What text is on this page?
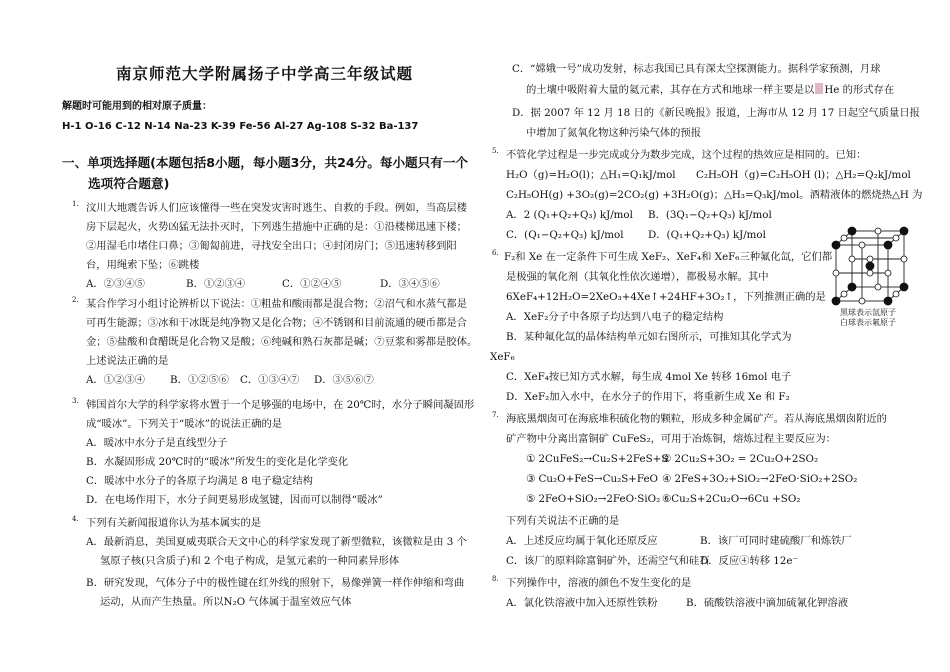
南京师范大学附属扬子中学高三年级试题
解题时可能用到的相对原子质量：
H-1 O-16 C-12 N-14 Na-23 K-39 Fe-56 Al-27 Ag-108 S-32 Ba-137
一、单项选择题(本题包括8小题，每小题3分，共24分。每小题只有一个
选项符合题意)
1. 汶川大地震告诉人们应该懂得一些在突发灾害时逃生、自救的手段。例如，当高层楼
房下层起火，火势凶猛无法扑灭时，下列逃生措施中正确的是：①沿楼梯迅速下楼；
②用湿毛巾堵住口鼻；③匍匐前进，寻找安全出口；④封闭房门；⑤迅速转移到阳
台，用绳索下坠；⑥跳楼
A．②③④⑤	B．①②③④	C．①②④⑤	D．③④⑤⑥
2. 某合作学习小组讨论辨析以下说法：①粗盐和酸雨都是混合物；②沼气和水蒸气都是
可再生能源；③冰和干冰既是纯净物又是化合物；④不锈钢和目前流通的硬币都是合
金；⑤盐酸和食醋既是化合物又是酸；⑥纯碱和熟石灰都是碱；⑦豆浆和雾都是胶体。
上述说法正确的是
A．①②③④ B．①②⑤⑥ C．①③④⑦ D．③⑤⑥⑦
3. 韩国首尔大学的科学家将水置于一个足够强的电场中，在 20℃时，水分子瞬间凝固形
成“暖冰”。下列关于“暖冰”的说法正确的是
A．暖冰中水分子是直线型分子
B．水凝固形成 20℃时的“暖冰”所发生的变化是化学变化
C．暖冰中水分子的各原子均满足 8 电子稳定结构
D．在电场作用下，水分子间更易形成氢键，因而可以制得“暖冰”
4. 下列有关新闻报道你认为基本属实的是
A．最新消息，美国夏威夷联合天文中心的科学家发现了新型微粒，该微粒是由 3 个
氢原子核(只含质子)和 2 个电子构成，是氢元素的一种同素异形体
B．研究发现，气体分子中的极性键在红外线的照射下，易像弹簧一样作伸缩和弯曲
运动，从而产生热量。所以N₂O 气体属于温室效应气体
C．“嫦娥一号”成功发射，标志我国已具有深太空探测能力。据科学家预测，月球
的土壤中吸附着大量的氦元素，其存在方式和地球一样主要是以 He 的形式存在
D．据 2007 年 12 月 18 日的《新民晚报》报道，上海市从 12 月 17 日起空气质量日报
中增加了氮氧化物这种污染气体的预报
5. 不管化学过程是一步完成或分为数步完成，这个过程的热效应是相同的。已知：
H₂O（g)=H₂O(l)；△H₁=Q₁kJ/mol C₂H₅OH（g)=C₂H₅OH (l)；△H₂=Q₂kJ/mol
C₂H₅OH(g) +3O₂(g)=2CO₂(g) +3H₂O(g)；△H₃=Q₃kJ/mol。酒精液体的燃烧热△H 为
A．2 (Q₁+Q₂+Q₃) kJ/mol B．(3Q₁−Q₂+Q₃) kJ/mol
C．(Q₁−Q₂+Q₃) kJ/mol D．(Q₁+Q₂+Q₃) kJ/mol
6. F₂和 Xe 在一定条件下可生成 XeF₂、XeF₄和 XeF₆三种氟化氙，它们都
是极强的氧化剂（其氧化性依次递增），都极易水解。其中
6XeF₄+12H₂O=2XeO₃+4Xe↑+24HF+3O₂↑，下列推测正确的是
A．XeF₂分子中各原子均达到八电子的稳定结构
B．某种氟化氙的晶体结构单元如右图所示，可推知其化学式为
XeF₆
C．XeF₄按已知方式水解，每生成 4mol Xe 转移 16mol 电子
D．XeF₂加入水中，在水分子的作用下，将重新生成 Xe 和 F₂
7. 海底黑烟囱可在海底堆积硫化物的颗粒，形成多种金属矿产。若从海底黑烟囱附近的
矿产物中分离出富铜矿 CuFeS₂，可用于冶炼铜，熔炼过程主要反应为：
① 2CuFeS₂→Cu₂S+2FeS+S
② 2Cu₂S+3O₂ = 2Cu₂O+2SO₂
③ Cu₂O+FeS→Cu₂S+FeO ④ 2FeS+3O₂+SiO₂→2FeO·SiO₂+2SO₂
⑤ 2FeO+SiO₂→2FeO·SiO₂ ⑥Cu₂S+2Cu₂O→6Cu +SO₂
下列有关说法不正确的是
A．上述反应均属于氧化还原反应	B．该厂可同时建硫酸厂和炼铁厂
C．该厂的原料除富铜矿外，还需空气和硅石
D．反应④转移 12e⁻
8. 下列操作中，溶液的颜色不发生变化的是
A．氯化铁溶液中加入还原性铁粉	B．硫酸铁溶液中滴加硫氰化钾溶液
黑球表示氙原子
白球表示氟原子
